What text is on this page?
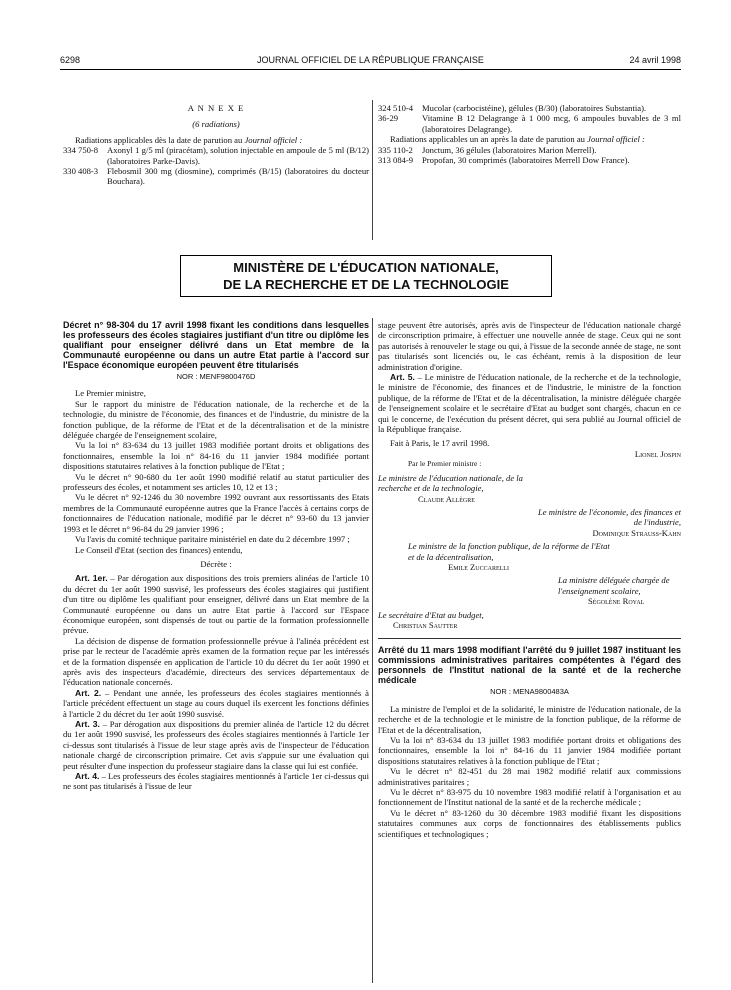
6298	JOURNAL OFFICIEL DE LA RÉPUBLIQUE FRANÇAISE	24 avril 1998

A N N E X E

(6 radiations)

Radiations applicables dès la date de parution au Journal officiel :

334 750-8	Axonyl 1 g/5 ml (piracétam), solution injectable en ampoule de 5 ml (B/12) (laboratoires Parke-Davis).
330 408-3	Flebosmil 300 mg (diosmine), comprimés (B/15) (laboratoires du docteur Bouchara).
324 510-4	Mucolar (carbocistéine), gélules (B/30) (laboratoires Substantia).
36-29	Vitamine B 12 Delagrange à 1 000 mcg, 6 ampoules buvables de 3 ml (laboratoires Delagrange).

Radiations applicables un an après la date de parution au Journal officiel :

335 110-2	Jonctum, 36 gélules (laboratoires Marion Merrell).
313 084-9	Propofan, 30 comprimés (laboratoires Merrell Dow France).
MINISTÈRE DE L'ÉDUCATION NATIONALE,
DE LA RECHERCHE ET DE LA TECHNOLOGIE

Décret n° 98-304 du 17 avril 1998 fixant les conditions dans lesquelles les professeurs des écoles stagiaires justifiant d'un titre ou diplôme les qualifiant pour enseigner délivré dans un Etat membre de la Communauté européenne ou dans un autre Etat partie à l'accord sur l'Espace économique européen peuvent être titularisés

NOR : MENF9800476D

Le Premier ministre,

Sur le rapport du ministre de l'éducation nationale, de la recherche et de la technologie, du ministre de l'économie, des finances et de l'industrie, du ministre de la fonction publique, de la réforme de l'Etat et de la décentralisation et de la ministre déléguée chargée de l'enseignement scolaire,

Vu la loi n° 83-634 du 13 juillet 1983 modifiée portant droits et obligations des fonctionnaires, ensemble la loi n° 84-16 du 11 janvier 1984 modifiée portant dispositions statutaires relatives à la fonction publique de l'Etat ;

Vu le décret n° 90-680 du 1er août 1990 modifié relatif au statut particulier des professeurs des écoles, et notamment ses articles 10, 12 et 13 ;

Vu le décret n° 92-1246 du 30 novembre 1992 ouvrant aux ressortissants des Etats membres de la Communauté européenne autres que la France l'accès à certains corps de fonctionnaires de l'éducation nationale, modifié par le décret n° 93-60 du 13 janvier 1993 et le décret n° 96-84 du 29 janvier 1996 ;

Vu l'avis du comité technique paritaire ministériel en date du 2 décembre 1997 ;

Le Conseil d'Etat (section des finances) entendu,

Décrète :

Art. 1er. – Par dérogation aux dispositions des trois premiers alinéas de l'article 10 du décret du 1er août 1990 susvisé, les professeurs des écoles stagiaires qui justifient d'un titre ou diplôme les qualifiant pour enseigner, délivré dans un Etat membre de la Communauté européenne ou dans un autre Etat partie à l'accord sur l'Espace économique européen, sont dispensés de tout ou partie de la formation professionnelle prévue.

La décision de dispense de formation professionnelle prévue à l'alinéa précédent est prise par le recteur de l'académie après examen de la formation reçue par les intéressés et de la formation dispensée en application de l'article 10 du décret du 1er août 1990 et après avis des inspecteurs d'académie, directeurs des services départementaux de l'éducation nationale concernés.

Art. 2. – Pendant une année, les professeurs des écoles stagiaires mentionnés à l'article précédent effectuent un stage au cours duquel ils exercent les fonctions définies à l'article 2 du décret du 1er août 1990 susvisé.

Art. 3. – Par dérogation aux dispositions du premier alinéa de l'article 12 du décret du 1er août 1990 susvisé, les professeurs des écoles stagiaires mentionnés à l'article 1er ci-dessus sont titularisés à l'issue de leur stage après avis de l'inspecteur de l'éducation nationale chargé de circonscription primaire. Cet avis s'appuie sur une évaluation qui peut résulter d'une inspection du professeur stagiaire dans la classe qui lui est confiée.

Art. 4. – Les professeurs des écoles stagiaires mentionnés à l'article 1er ci-dessus qui ne sont pas titularisés à l'issue de leur

stage peuvent être autorisés, après avis de l'inspecteur de l'éducation nationale chargé de circonscription primaire, à effectuer une nouvelle année de stage. Ceux qui ne sont pas autorisés à renouveler le stage ou qui, à l'issue de la seconde année de stage, ne sont pas titularisés sont licenciés ou, le cas échéant, remis à la disposition de leur administration d'origine.

Art. 5. – Le ministre de l'éducation nationale, de la recherche et de la technologie, le ministre de l'économie, des finances et de l'industrie, le ministre de la fonction publique, de la réforme de l'Etat et de la décentralisation, la ministre déléguée chargée de l'enseignement scolaire et le secrétaire d'Etat au budget sont chargés, chacun en ce qui le concerne, de l'exécution du présent décret, qui sera publié au Journal officiel de la République française.

Fait à Paris, le 17 avril 1998.

Lionel Jospin

Par le Premier ministre :

Le ministre de l'éducation nationale, de la recherche et de la technologie,

Claude Allègre

Le ministre de l'économie, des finances et de l'industrie,

Dominique Strauss-Kahn

Le ministre de la fonction publique, de la réforme de l'Etat et de la décentralisation,

Emile Zuccarelli

La ministre déléguée chargée de l'enseignement scolaire,

Ségolène Royal

Le secrétaire d'Etat au budget,

Christian Sautter

Arrêté du 11 mars 1998 modifiant l'arrêté du 9 juillet 1987 instituant les commissions administratives paritaires compétentes à l'égard des personnels de l'Institut national de la santé et de la recherche médicale

NOR : MENA9800483A

La ministre de l'emploi et de la solidarité, le ministre de l'éducation nationale, de la recherche et de la technologie et le ministre de la fonction publique, de la réforme de l'Etat et de la décentralisation,

Vu la loi n° 83-634 du 13 juillet 1983 modifiée portant droits et obligations des fonctionnaires, ensemble la loi n° 84-16 du 11 janvier 1984 modifiée portant dispositions statutaires relatives à la fonction publique de l'Etat ;

Vu le décret n° 82-451 du 28 mai 1982 modifié relatif aux commissions administratives paritaires ;

Vu le décret n° 83-975 du 10 novembre 1983 modifié relatif à l'organisation et au fonctionnement de l'Institut national de la santé et de la recherche médicale ;

Vu le décret n° 83-1260 du 30 décembre 1983 modifié fixant les dispositions statutaires communes aux corps de fonctionnaires des établissements publics scientifiques et technologiques ;
